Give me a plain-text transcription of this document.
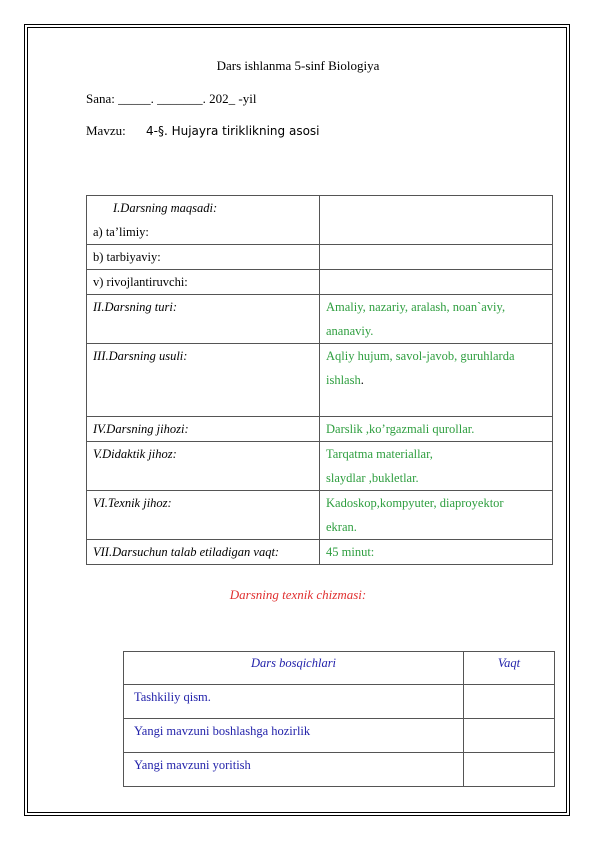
Dars ishlanma 5-sinf Biologiya
Sana: _____. _______. 202_ -yil
Mavzu: 4-§. Hujayra tiriklikning asosi
I.Darsning maqsadi:
a) ta’limiy:	

b) tarbiyaviy:	
v) rivojlantiruvchi:	
II.Darsning turi:	Amaliy, nazariy, aralash, noan`aviy,
ananaviy.

III.Darsning usuli:	Aqliy hujum, savol-javob, guruhlarda
ishlash.

IV.Darsning jihozi:	Darslik ,ko’rgazmali qurollar.
V.Didaktik jihoz:	Tarqatma materiallar,
slaydlar ,bukletlar.

VI.Texnik jihoz:	Kadoskop,kompyuter, diaproyektor
ekran.

VII.Darsuchun talab etiladigan vaqt:	45 minut:
Darsning texnik chizmasi:
Dars bosqichlari	Vaqt
Tashkiliy qism.	
Yangi mavzuni boshlashga hozirlik	
Yangi mavzuni yoritish	
